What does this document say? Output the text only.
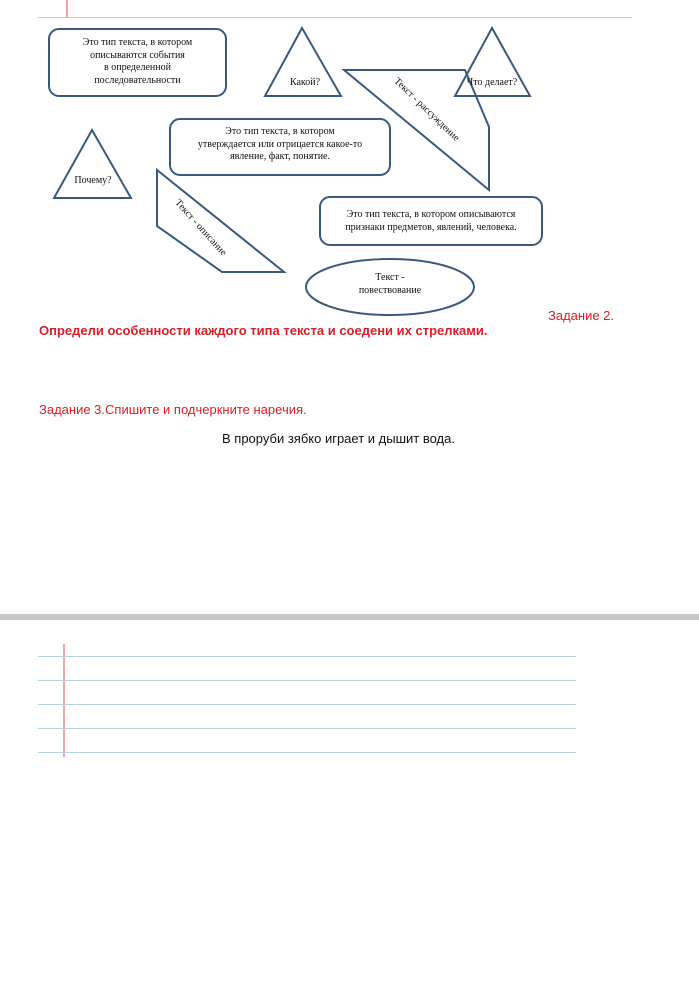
Это тип текста, в котором
описываются события
в определенной
последовательности	Какой?	Что делает?
Текст - рассуждение
Это тип текста, в котором
утверждается или отрицается какое-то
явление, факт, понятие.
Почему?
Текст - описание	Это тип текста, в котором описываются
признаки предметов, явлений, человека.
Текст -
повествование
Задание 2.
Определи особенности каждого типа текста и соедени их стрелками.
Задание 3.Спишите и подчеркните наречия.
В проруби зябко играет и дышит вода.
